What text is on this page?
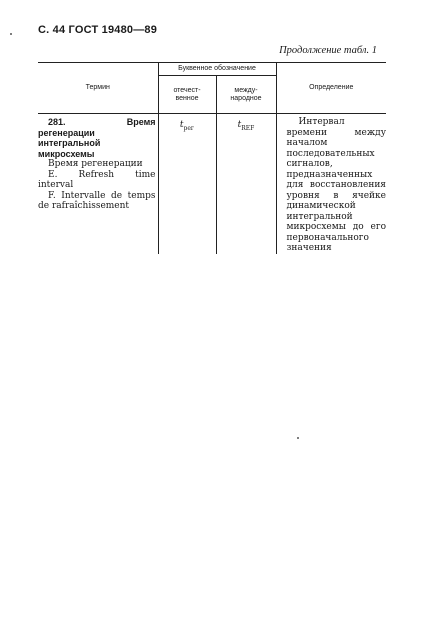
С. 44 ГОСТ 19480—89
Продолжение табл. 1
Термин	Буквенное обозначение		Определение
	отечест-венное	между-народное	

281. Время регенерации интегральной микросхемы
Время регенерации
E. Refresh time interval
F. Intervalle de temps de rafraîchissement	$t_{рег}$	$t_{REF}$	Интервал времени между началом последовательных сигналов, предназначенных для восстановления уровня в ячейке динамической интегральной микросхемы до его первоначального значения
